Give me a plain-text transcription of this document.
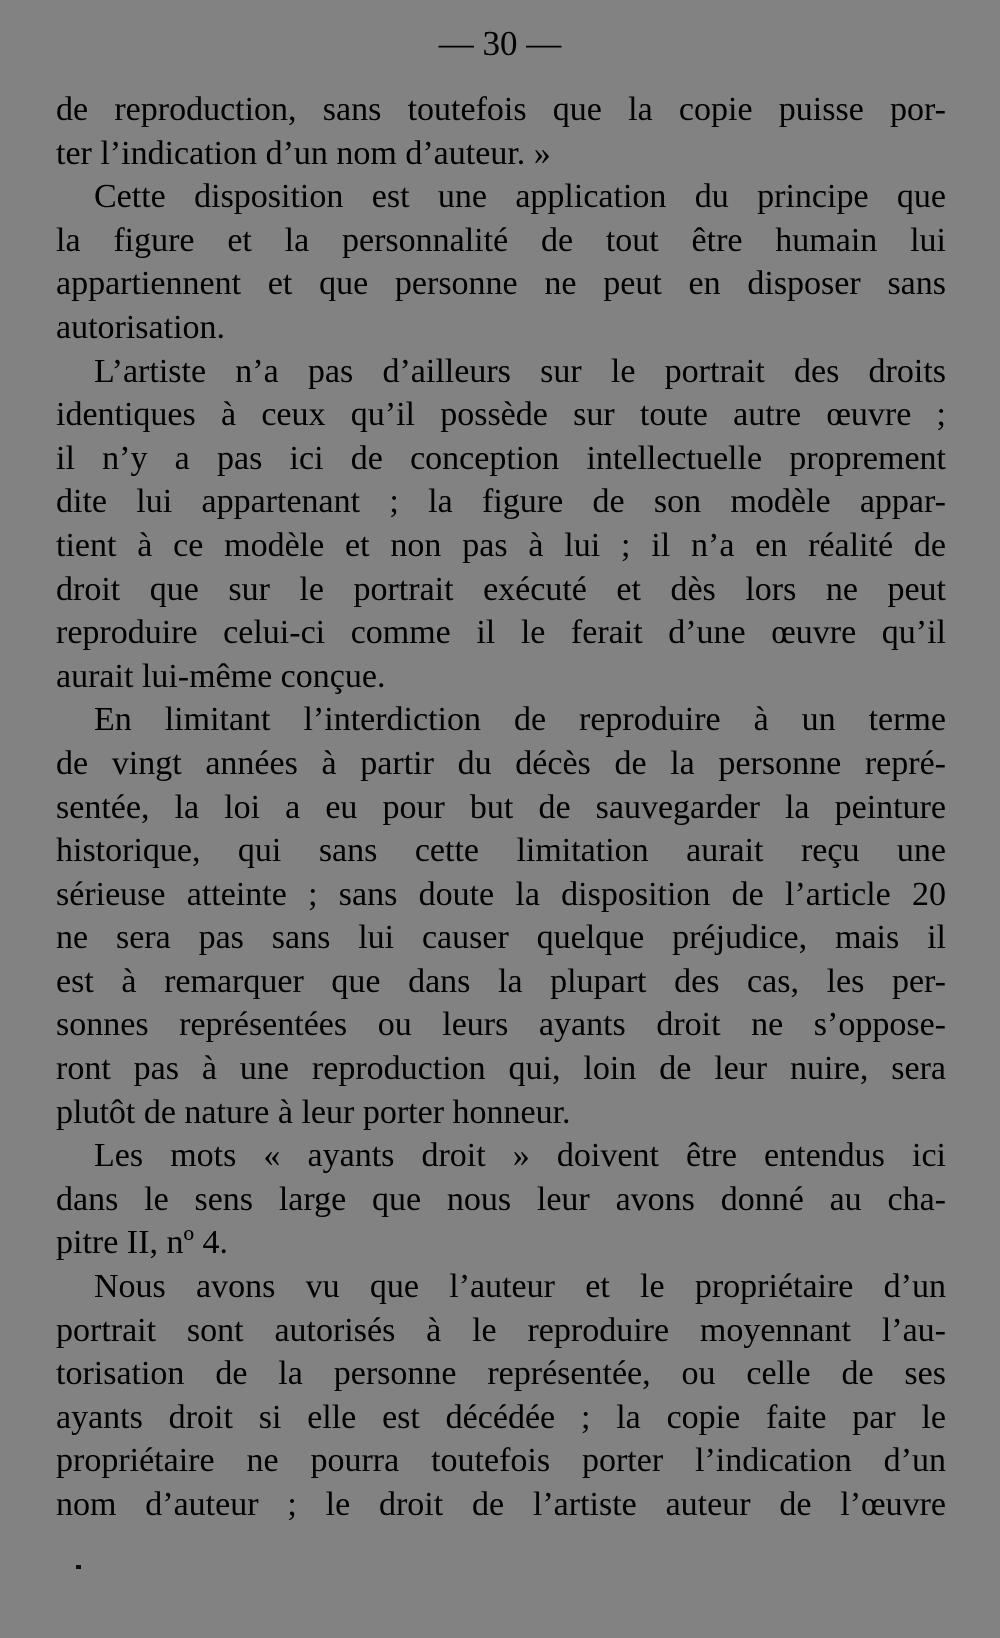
— 30 —

de reproduction, sans toutefois que la copie puisse por-
ter l’indication d’un nom d’auteur. »

Cette disposition est une application du principe que
la figure et la personnalité de tout être humain lui
appartiennent et que personne ne peut en disposer sans
autorisation.

L’artiste n’a pas d’ailleurs sur le portrait des droits
identiques à ceux qu’il possède sur toute autre œuvre ;
il n’y a pas ici de conception intellectuelle proprement
dite lui appartenant ; la figure de son modèle appar-
tient à ce modèle et non pas à lui ; il n’a en réalité de
droit que sur le portrait exécuté et dès lors ne peut
reproduire celui-ci comme il le ferait d’une œuvre qu’il
aurait lui-même conçue.

En limitant l’interdiction de reproduire à un terme
de vingt années à partir du décès de la personne repré-
sentée, la loi a eu pour but de sauvegarder la peinture
historique, qui sans cette limitation aurait reçu une
sérieuse atteinte ; sans doute la disposition de l’article 20
ne sera pas sans lui causer quelque préjudice, mais il
est à remarquer que dans la plupart des cas, les per-
sonnes représentées ou leurs ayants droit ne s’oppose-
ront pas à une reproduction qui, loin de leur nuire, sera
plutôt de nature à leur porter honneur.

Les mots « ayants droit » doivent être entendus ici
dans le sens large que nous leur avons donné au cha-
pitre II, nº 4.

Nous avons vu que l’auteur et le propriétaire d’un
portrait sont autorisés à le reproduire moyennant l’au-
torisation de la personne représentée, ou celle de ses
ayants droit si elle est décédée ; la copie faite par le
propriétaire ne pourra toutefois porter l’indication d’un
nom d’auteur ; le droit de l’artiste auteur de l’œuvre
